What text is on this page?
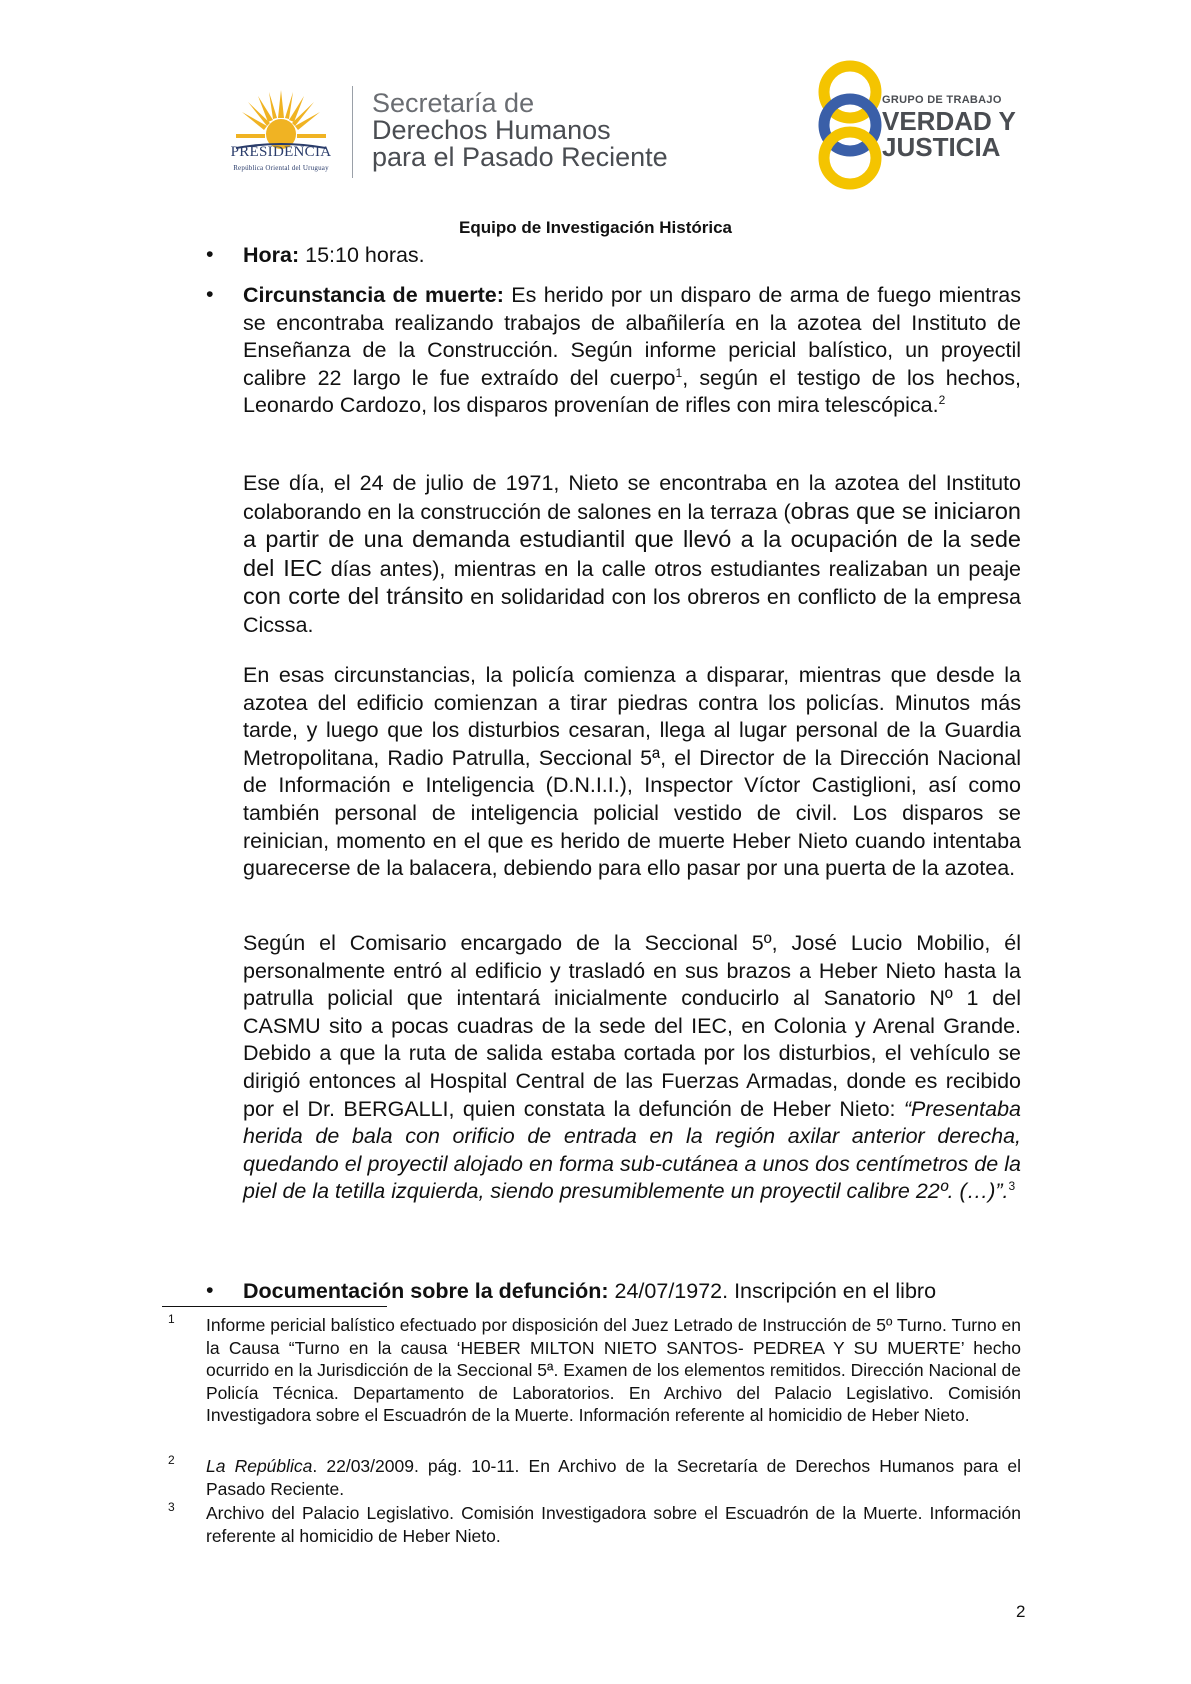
PRESIDENCIA
República Oriental del Uruguay
Secretaría de
Derechos Humanos
para el Pasado Reciente
GRUPO DE TRABAJO
VERDAD Y
JUSTICIA
Equipo de Investigación Histórica
• Hora: 15:10 horas.
• Circunstancia de muerte: Es herido por un disparo de arma de fuego mientras se encontraba realizando trabajos de albañilería en la azotea del Instituto de Enseñanza de la Construcción. Según informe pericial balístico, un proyectil calibre 22 largo le fue extraído del cuerpo$^1$, según el testigo de los hechos, Leonardo Cardozo, los disparos provenían de rifles con mira telescópica.$^2$
Ese día, el 24 de julio de 1971, Nieto se encontraba en la azotea del Instituto colaborando en la construcción de salones en la terraza (obras que se iniciaron a partir de una demanda estudiantil que llevó a la ocupación de la sede del IEC días antes), mientras en la calle otros estudiantes realizaban un peaje con corte del tránsito en solidaridad con los obreros en conflicto de la empresa Cicssa.
En esas circunstancias, la policía comienza a disparar, mientras que desde la azotea del edificio comienzan a tirar piedras contra los policías. Minutos más tarde, y luego que los disturbios cesaran, llega al lugar personal de la Guardia Metropolitana, Radio Patrulla, Seccional 5ª, el Director de la Dirección Nacional de Información e Inteligencia (D.N.I.I.), Inspector Víctor Castiglioni, así como también personal de inteligencia policial vestido de civil. Los disparos se reinician, momento en el que es herido de muerte Heber Nieto cuando intentaba guarecerse de la balacera, debiendo para ello pasar por una puerta de la azotea.
Según el Comisario encargado de la Seccional 5º, José Lucio Mobilio, él personalmente entró al edificio y trasladó en sus brazos a Heber Nieto hasta la patrulla policial que intentará inicialmente conducirlo al Sanatorio Nº 1 del CASMU sito a pocas cuadras de la sede del IEC, en Colonia y Arenal Grande. Debido a que la ruta de salida estaba cortada por los disturbios, el vehículo se dirigió entonces al Hospital Central de las Fuerzas Armadas, donde es recibido por el Dr. BERGALLI, quien constata la defunción de Heber Nieto: “Presentaba herida de bala con orificio de entrada en la región axilar anterior derecha, quedando el proyectil alojado en forma sub-cutánea a unos dos centímetros de la piel de la tetilla izquierda, siendo presumiblemente un proyectil calibre 22º. (…)”.$^3$
• Documentación sobre la defunción: 24/07/1972. Inscripción en el libro
1 Informe pericial balístico efectuado por disposición del Juez Letrado de Instrucción de 5º Turno. Turno en la Causa “Turno en la causa ‘HEBER MILTON NIETO SANTOS- PEDREA Y SU MUERTE’ hecho ocurrido en la Jurisdicción de la Seccional 5ª. Examen de los elementos remitidos. Dirección Nacional de Policía Técnica. Departamento de Laboratorios. En Archivo del Palacio Legislativo. Comisión Investigadora sobre el Escuadrón de la Muerte. Información referente al homicidio de Heber Nieto.
2 La República. 22/03/2009. pág. 10-11. En Archivo de la Secretaría de Derechos Humanos para el Pasado Reciente.
3 Archivo del Palacio Legislativo. Comisión Investigadora sobre el Escuadrón de la Muerte. Información referente al homicidio de Heber Nieto.
2
